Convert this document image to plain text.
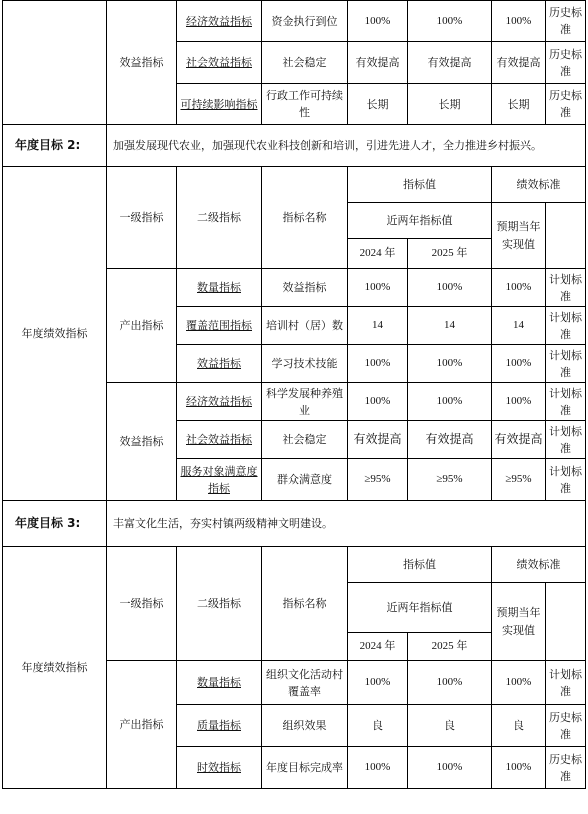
	效益指标	经济效益指标	资金执行到位	100%	100%	100%	历史标准
		社会效益指标	社会稳定	有效提高	有效提高	有效提高	历史标准
		可持续影响指标	行政工作可持续性	长期	长期	长期	历史标准
年度目标 2:	加强发展现代农业，加强现代农业科技创新和培训，引进先进人才，全力推进乡村振兴。						
年度绩效指标	一级指标	二级指标	指标名称	指标值		绩效标准	
				近两年指标值		预期当年实现值	
				2024 年	2025 年		
	产出指标	数量指标	效益指标	100%	100%	100%	计划标准
		覆盖范围指标	培训村（居）数	14	14	14	计划标准
		效益指标	学习技术技能	100%	100%	100%	计划标准
	效益指标	经济效益指标	科学发展种养殖业	100%	100%	100%	计划标准
		社会效益指标	社会稳定	有效提高	有效提高	有效提高	计划标准
		服务对象满意度指标	群众满意度	≥95%	≥95%	≥95%	计划标准
年度目标 3:	丰富文化生活，夯实村镇两级精神文明建设。						
年度绩效指标	一级指标	二级指标	指标名称	指标值		绩效标准	
				近两年指标值		预期当年实现值	
				2024 年	2025 年		
	产出指标	数量指标	组织文化活动村覆盖率	100%	100%	100%	计划标准
		质量指标	组织效果	良	良	良	历史标准
		时效指标	年度目标完成率	100%	100%	100%	历史标准
